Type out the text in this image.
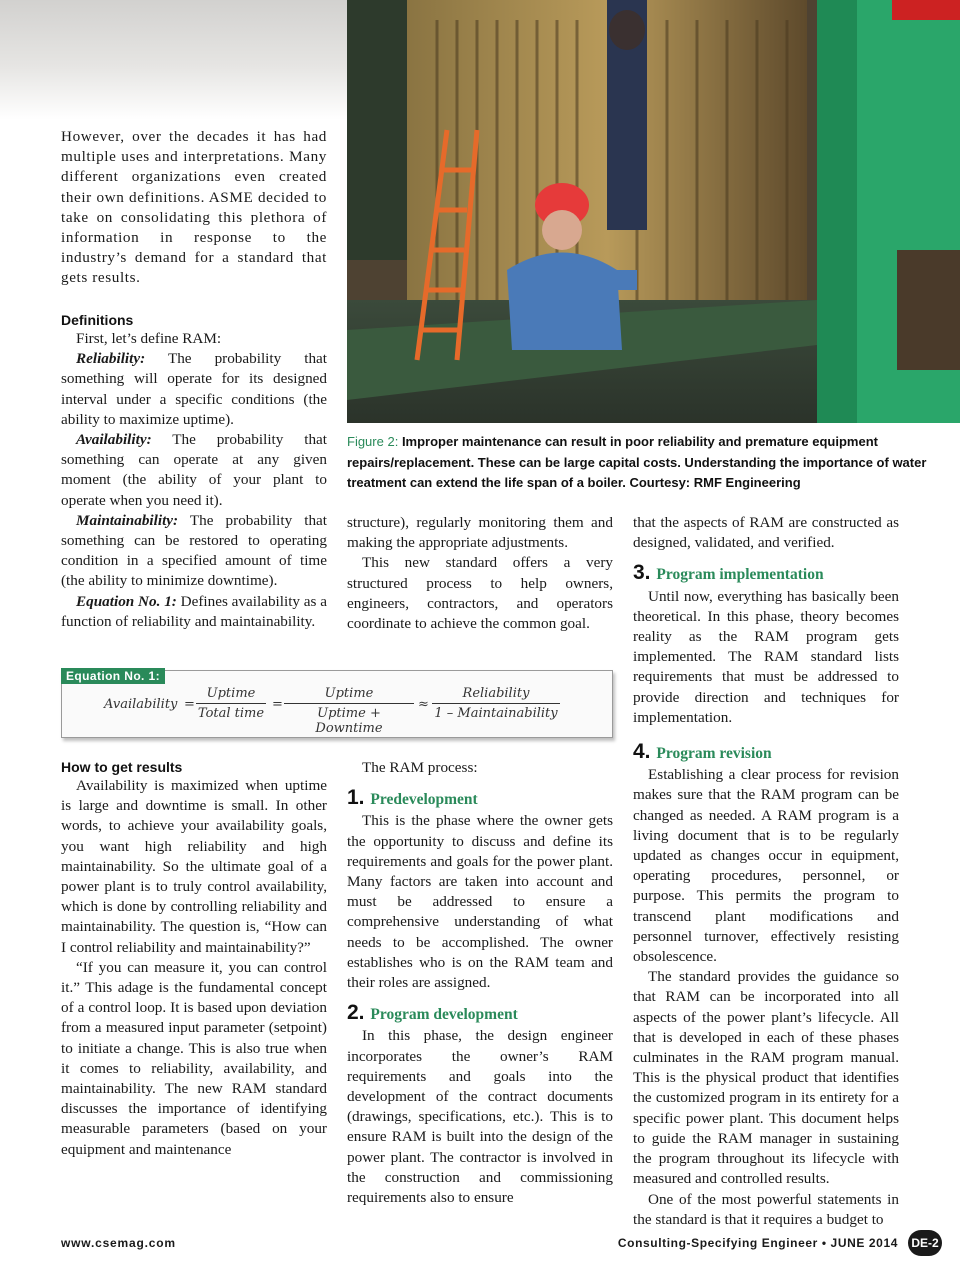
However, over the decades it has had multiple uses and interpretations. Many different organizations even created their own definitions. ASME decided to take on consolidating this plethora of information in response to the industry’s demand for a standard that gets results.

Definitions

First, let’s define RAM:

Reliability: The probability that something will operate for its designed interval under a specific conditions (the ability to maximize uptime).

Availability: The probability that something can operate at any given moment (the ability of your plant to operate when you need it).

Maintainability: The probability that something can be restored to operating condition in a specified amount of time (the ability to minimize downtime).

Equation No. 1: Defines availability as a function of reliability and maintainability.

Figure 2: Improper maintenance can result in poor reliability and premature equipment repairs/replacement. These can be large capital costs. Understanding the importance of water treatment can extend the life span of a boiler. Courtesy: RMF Engineering

structure), regularly monitoring them and making the appropriate adjustments.

This new standard offers a very structured process to help owners, engineers, contractors, and operators coordinate to achieve the common goal.

that the aspects of RAM are constructed as designed, validated, and verified.

3. Program implementation

Until now, everything has basically been theoretical. In this phase, theory becomes reality as the RAM program gets implemented. The RAM standard lists requirements that must be addressed to provide direction and techniques for implementation.

4. Program revision

Establishing a clear process for revision makes sure that the RAM program can be changed as needed. A RAM program is a living document that is to be regularly updated as changes occur in equipment, operating procedures, personnel, or purpose. This permits the program to transcend plant modifications and personnel turnover, effectively resisting obsolescence.

The standard provides the guidance so that RAM can be incorporated into all aspects of the power plant’s lifecycle. All that is developed in each of these phases culminates in the RAM program manual. This is the physical product that identifies the customized program in its entirety for a specific power plant. This document helps to guide the RAM manager in sustaining the program throughout its lifecycle with measured and controlled results.

One of the most powerful statements in the standard is that it requires a budget to

Equation No. 1:
Availability =
Uptime
Total time
=
Uptime
Uptime + Downtime
≈
Reliability
1 – Maintainability
How to get results

Availability is maximized when uptime is large and downtime is small. In other words, to achieve your availability goals, you want high reliability and high maintainability. So the ultimate goal of a power plant is to truly control availability, which is done by controlling reliability and maintainability. The question is, “How can I control reliability and maintainability?”

“If you can measure it, you can control it.” This adage is the fundamental concept of a control loop. It is based upon deviation from a measured input parameter (setpoint) to initiate a change. This is also true when it comes to reliability, availability, and maintainability. The new RAM standard discusses the importance of identifying measurable parameters (based on your equipment and maintenance

The RAM process:

1. Predevelopment

This is the phase where the owner gets the opportunity to discuss and define its requirements and goals for the power plant. Many factors are taken into account and must be addressed to ensure a comprehensive understanding of what needs to be accomplished. The owner establishes who is on the RAM team and their roles are assigned.

2. Program development

In this phase, the design engineer incorporates the owner’s RAM requirements and goals into the development of the contract documents (drawings, specifications, etc.). This is to ensure RAM is built into the design of the power plant. The contractor is involved in the construction and commissioning requirements also to ensure

www.csemag.com	Consulting-Specifying Engineer • JUNE 2014 DE-2
